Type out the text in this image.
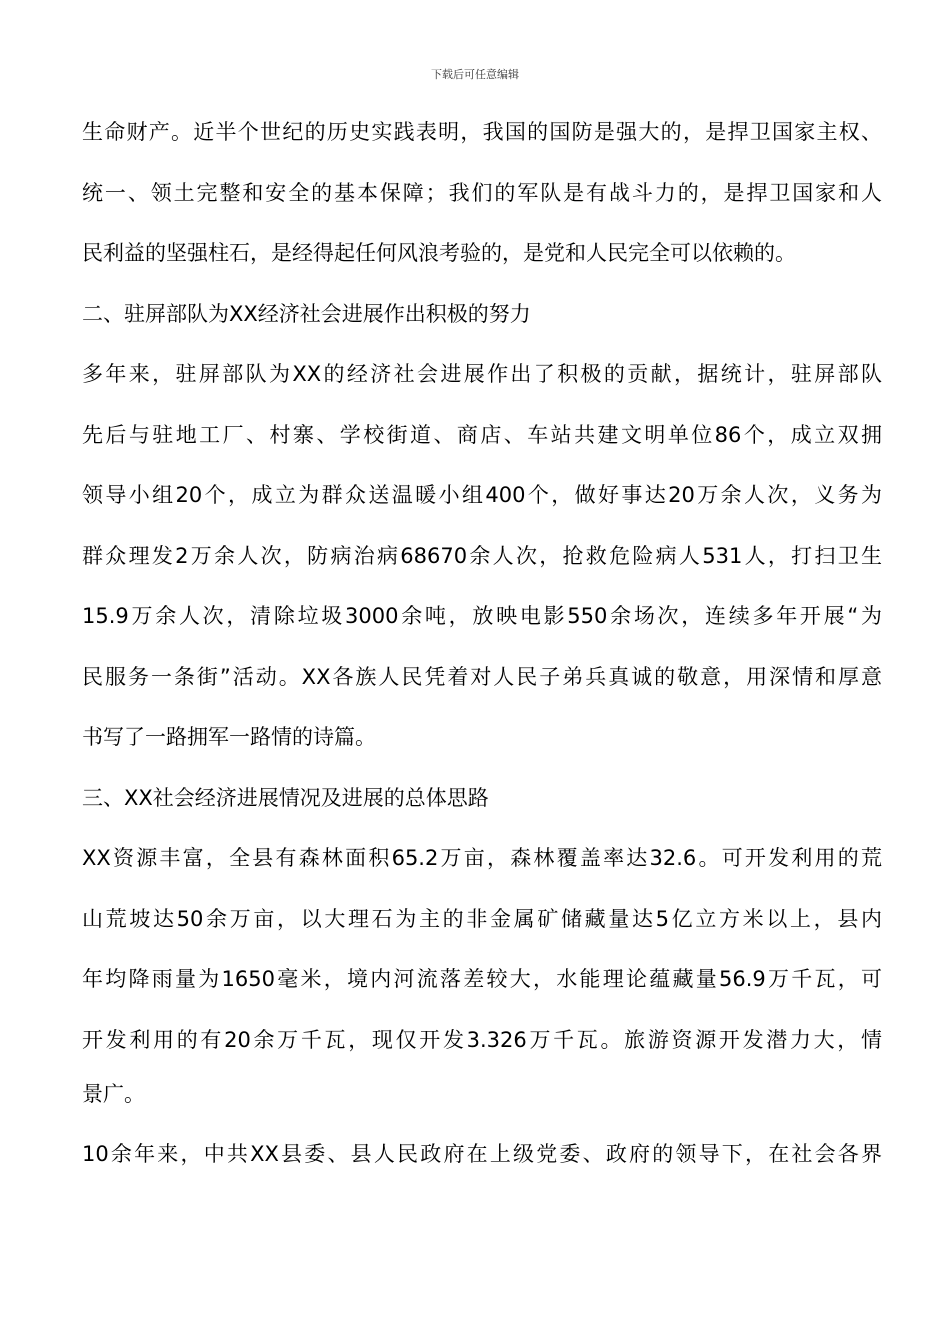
下载后可任意编辑

生命财产。近半个世纪的历史实践表明，我国的国防是强大的，是捍卫国家主权、

统一、领土完整和安全的基本保障；我们的军队是有战斗力的，是捍卫国家和人

民利益的坚强柱石，是经得起任何风浪考验的，是党和人民完全可以依赖的。

二、驻屏部队为XX经济社会进展作出积极的努力

多年来，驻屏部队为XX的经济社会进展作出了积极的贡献，据统计，驻屏部队

先后与驻地工厂、村寨、学校街道、商店、车站共建文明单位86个，成立双拥

领导小组20个，成立为群众送温暖小组400个，做好事达20万余人次，义务为

群众理发2万余人次，防病治病68670余人次，抢救危险病人531人，打扫卫生

15.9万余人次，清除垃圾3000余吨，放映电影550余场次，连续多年开展“为

民服务一条街”活动。XX各族人民凭着对人民子弟兵真诚的敬意，用深情和厚意

书写了一路拥军一路情的诗篇。

三、XX社会经济进展情况及进展的总体思路

XX资源丰富，全县有森林面积65.2万亩，森林覆盖率达32.6。可开发利用的荒

山荒坡达50余万亩，以大理石为主的非金属矿储藏量达5亿立方米以上，县内

年均降雨量为1650毫米，境内河流落差较大，水能理论蕴藏量56.9万千瓦，可

开发利用的有20余万千瓦，现仅开发3.326万千瓦。旅游资源开发潜力大，情

景广。

10余年来，中共XX县委、县人民政府在上级党委、政府的领导下，在社会各界
